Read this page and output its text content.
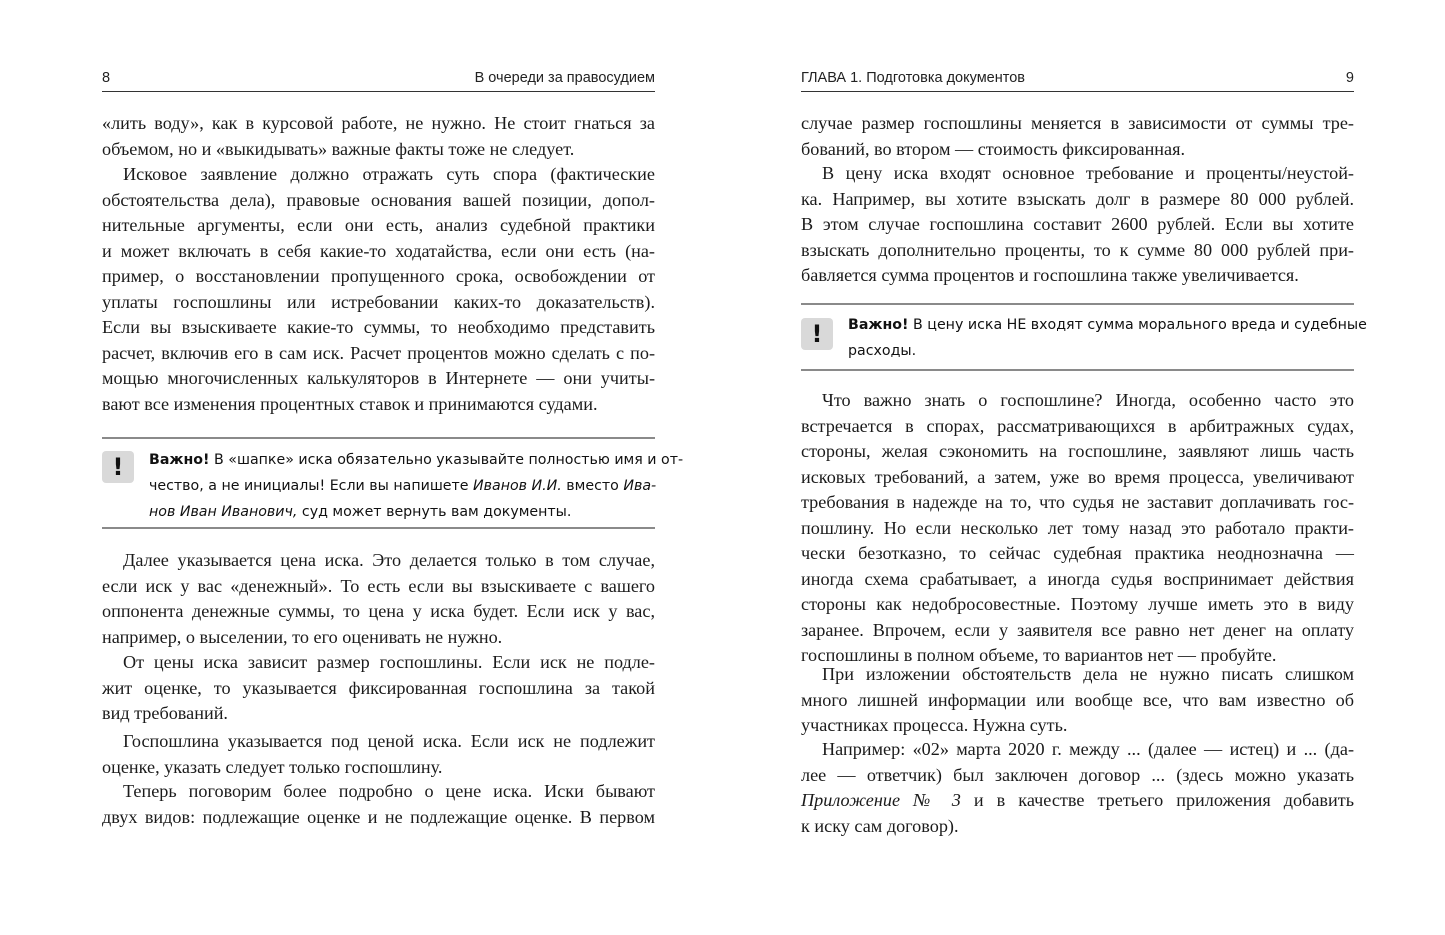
8	В очереди за правосудием
«лить воду», как в курсовой работе, не нужно. Не стоит гнаться за
объемом, но и «выкидывать» важные факты тоже не следует.
Исковое заявление должно отражать суть спора (фактические
обстоятельства дела), правовые основания вашей позиции, допол-
нительные аргументы, если они есть, анализ судебной практики
и может включать в себя какие-то ходатайства, если они есть (на-
пример, о восстановлении пропущенного срока, освобождении от
уплаты госпошлины или истребовании каких-то доказательств).
Если вы взыскиваете какие-то суммы, то необходимо представить
расчет, включив его в сам иск. Расчет процентов можно сделать с по-
мощью многочисленных калькуляторов в Интернете — они учиты-
вают все изменения процентных ставок и принимаются судами.
!	Важно! В «шапке» иска обязательно указывайте полностью имя и от-
чество, а не инициалы! Если вы напишете Иванов И.И. вместо Ива-
нов Иван Иванович, суд может вернуть вам документы.
Далее указывается цена иска. Это делается только в том случае,
если иск у вас «денежный». То есть если вы взыскиваете с вашего
оппонента денежные суммы, то цена у иска будет. Если иск у вас,
например, о выселении, то его оценивать не нужно.
От цены иска зависит размер госпошлины. Если иск не подле-
жит оценке, то указывается фиксированная госпошлина за такой
вид требований.
Госпошлина указывается под ценой иска. Если иск не подлежит
оценке, указать следует только госпошлину.
Теперь поговорим более подробно о цене иска. Иски бывают
двух видов: подлежащие оценке и не подлежащие оценке. В первом
ГЛАВА 1. Подготовка документов	9
случае размер госпошлины меняется в зависимости от суммы тре-
бований, во втором — стоимость фиксированная.
В цену иска входят основное требование и проценты/неустой-
ка. Например, вы хотите взыскать долг в размере 80 000 рублей.
В этом случае госпошлина составит 2600 рублей. Если вы хотите
взыскать дополнительно проценты, то к сумме 80 000 рублей при-
бавляется сумма процентов и госпошлина также увеличивается.
!	Важно! В цену иска НЕ входят сумма морального вреда и судебные
расходы.
Что важно знать о госпошлине? Иногда, особенно часто это
встречается в спорах, рассматривающихся в арбитражных судах,
стороны, желая сэкономить на госпошлине, заявляют лишь часть
исковых требований, а затем, уже во время процесса, увеличивают
требования в надежде на то, что судья не заставит доплачивать гос-
пошлину. Но если несколько лет тому назад это работало практи-
чески безотказно, то сейчас судебная практика неоднозначна —
иногда схема срабатывает, а иногда судья воспринимает действия
стороны как недобросовестные. Поэтому лучше иметь это в виду
заранее. Впрочем, если у заявителя все равно нет денег на оплату
госпошлины в полном объеме, то вариантов нет — пробуйте.
При изложении обстоятельств дела не нужно писать слишком
много лишней информации или вообще все, что вам известно об
участниках процесса. Нужна суть.
Например: «02» марта 2020 г. между ... (далее — истец) и ... (да-
лее — ответчик) был заключен договор ... (здесь можно указать
Приложение № 3 и в качестве третьего приложения добавить
к иску сам договор).
